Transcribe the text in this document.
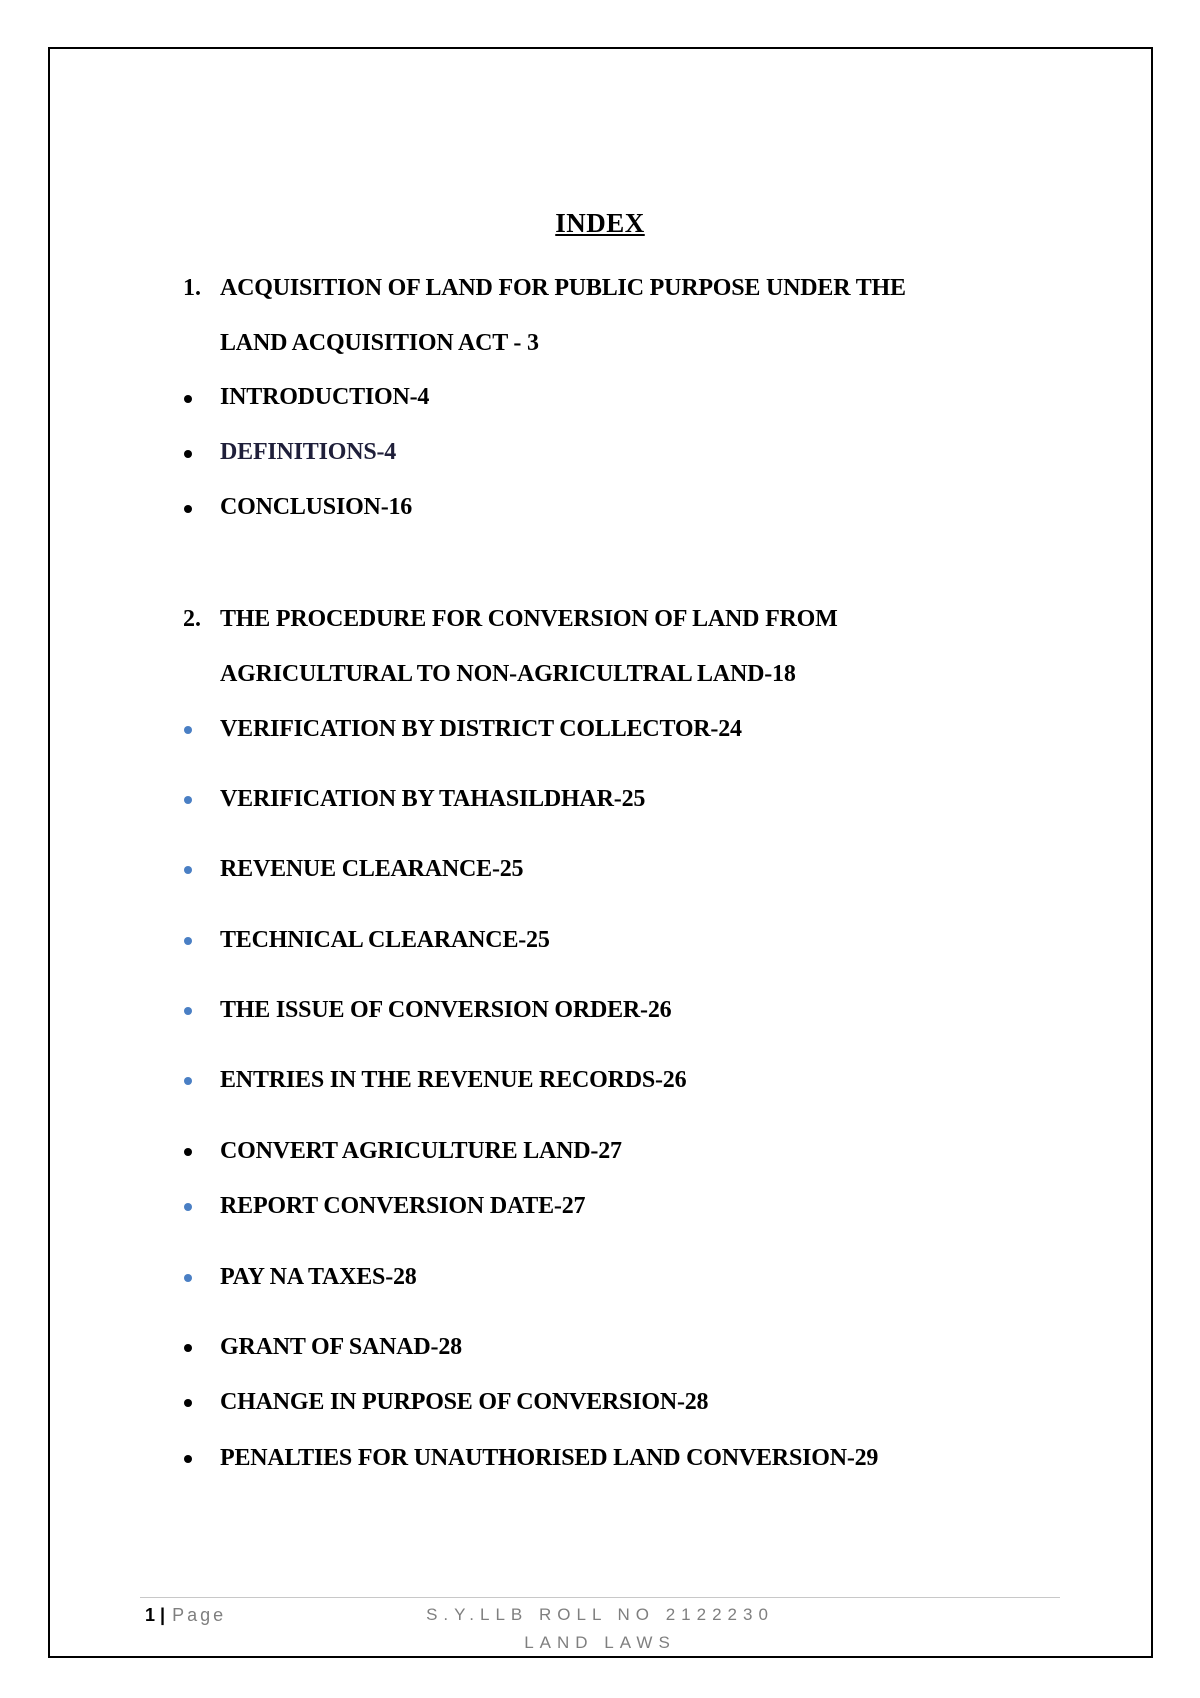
INDEX
1. ACQUISITION OF LAND FOR PUBLIC PURPOSE UNDER THE
LAND ACQUISITION ACT - 3
INTRODUCTION-4
DEFINITIONS-4
CONCLUSION-16
2. THE PROCEDURE FOR CONVERSION OF LAND FROM
AGRICULTURAL TO NON-AGRICULTRAL LAND-18
VERIFICATION BY DISTRICT COLLECTOR-24
VERIFICATION BY TAHASILDHAR-25
REVENUE CLEARANCE-25
TECHNICAL CLEARANCE-25
THE ISSUE OF CONVERSION ORDER-26
ENTRIES IN THE REVENUE RECORDS-26
CONVERT AGRICULTURE LAND-27
REPORT CONVERSION DATE-27
PAY NA TAXES-28
GRANT OF SANAD-28
CHANGE IN PURPOSE OF CONVERSION-28
PENALTIES FOR UNAUTHORISED LAND CONVERSION-29
1 | Page	S.Y.LLB ROLL NO 2122230
LAND LAWS
